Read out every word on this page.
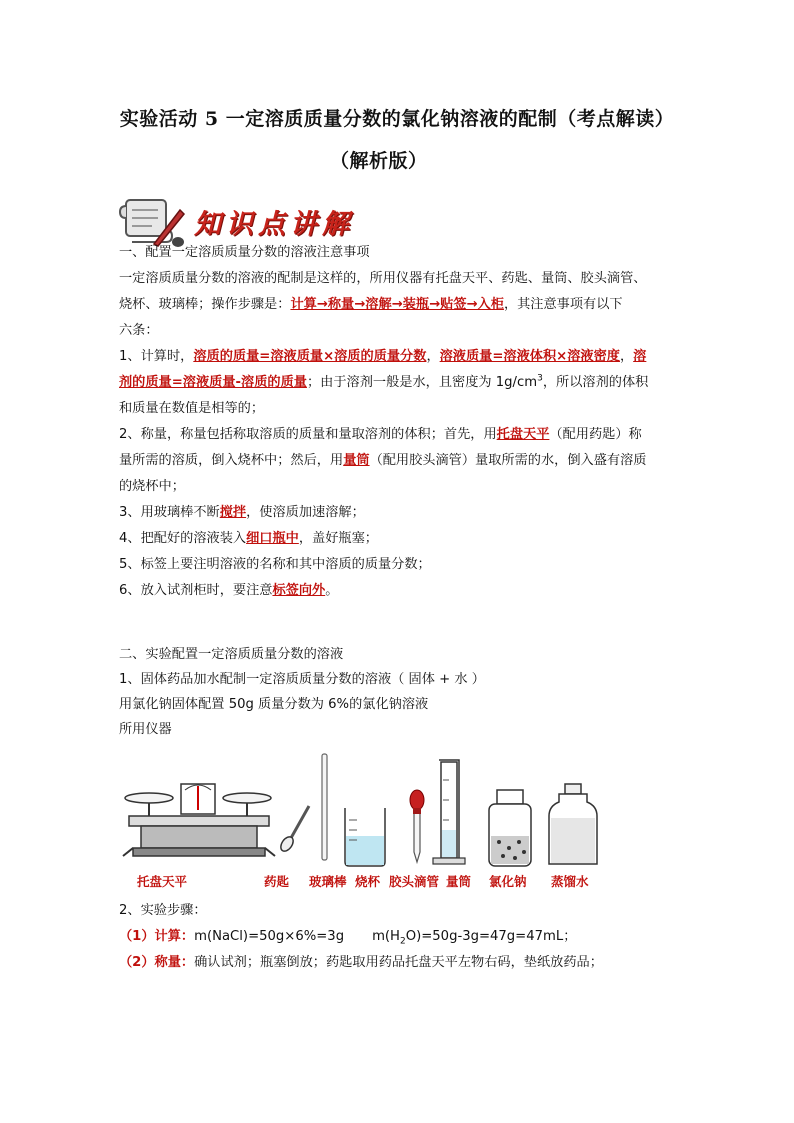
实验活动 5 一定溶质质量分数的氯化钠溶液的配制（考点解读）
（解析版）
知识点讲解
一、配置一定溶质质量分数的溶液注意事项
一定溶质质量分数的溶液的配制是这样的，所用仪器有托盘天平、药匙、量筒、胶头滴管、
烧杯、玻璃棒；操作步骤是：计算→称量→溶解→装瓶→贴签→入柜，其注意事项有以下
六条：
1、计算时，溶质的质量=溶液质量×溶质的质量分数，溶液质量=溶液体积×溶液密度，溶
剂的质量=溶液质量-溶质的质量；由于溶剂一般是水，且密度为 $1g/cm^3$，所以溶剂的体积
和质量在数值是相等的；
2、称量，称量包括称取溶质的质量和量取溶剂的体积；首先，用托盘天平（配用药匙）称
量所需的溶质，倒入烧杯中；然后，用量筒（配用胶头滴管）量取所需的水，倒入盛有溶质
的烧杯中；
3、用玻璃棒不断搅拌，使溶质加速溶解；
4、把配好的溶液装入细口瓶中，盖好瓶塞；
5、标签上要注明溶液的名称和其中溶质的质量分数；
6、放入试剂柜时，要注意标签向外。
二、实验配置一定溶质质量分数的溶液
1、固体药品加水配制一定溶质质量分数的溶液（ 固体 + 水 ）
用氯化钠固体配置 50g 质量分数为 6%的氯化钠溶液
所用仪器
托盘天平	药匙 玻璃棒 烧杯 胶头滴管 量筒 氯化钠 蒸馏水
2、实验步骤：
（1）计算：m(NaCl)=50g×6%=3g $m(H_2O)=50g-3g=47g=47mL$；
（2）称量：确认试剂；瓶塞倒放；药匙取用药品托盘天平左物右码，垫纸放药品；
